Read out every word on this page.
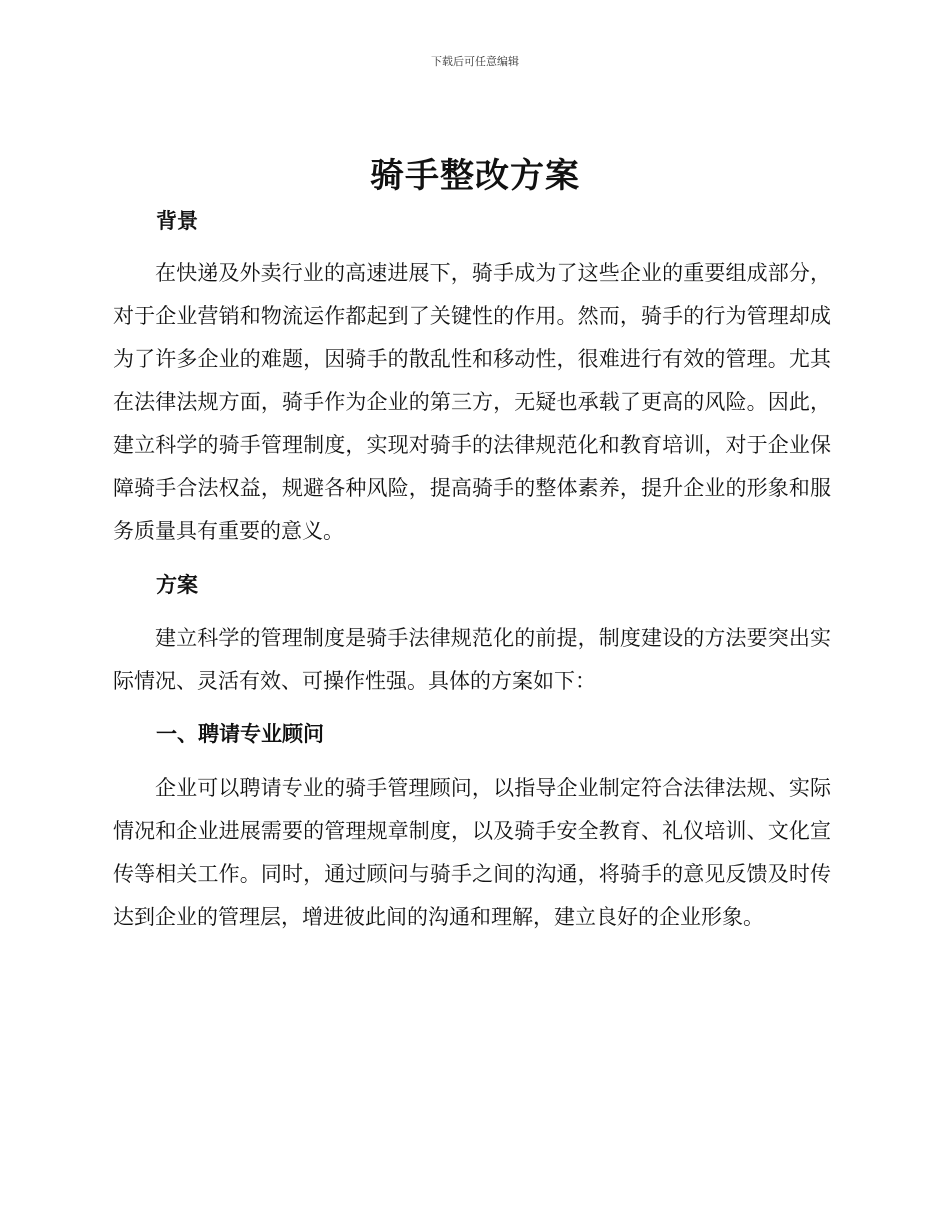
下载后可任意编辑
骑手整改方案
背景

在快递及外卖行业的高速进展下，骑手成为了这些企业的重要组成部分，对于企业营销和物流运作都起到了关键性的作用。然而，骑手的行为管理却成为了许多企业的难题，因骑手的散乱性和移动性，很难进行有效的管理。尤其在法律法规方面，骑手作为企业的第三方，无疑也承载了更高的风险。因此，建立科学的骑手管理制度，实现对骑手的法律规范化和教育培训，对于企业保障骑手合法权益，规避各种风险，提高骑手的整体素养，提升企业的形象和服务质量具有重要的意义。

方案

建立科学的管理制度是骑手法律规范化的前提，制度建设的方法要突出实际情况、灵活有效、可操作性强。具体的方案如下：

一、聘请专业顾问

企业可以聘请专业的骑手管理顾问，以指导企业制定符合法律法规、实际情况和企业进展需要的管理规章制度，以及骑手安全教育、礼仪培训、文化宣传等相关工作。同时，通过顾问与骑手之间的沟通，将骑手的意见反馈及时传达到企业的管理层，增进彼此间的沟通和理解，建立良好的企业形象。
